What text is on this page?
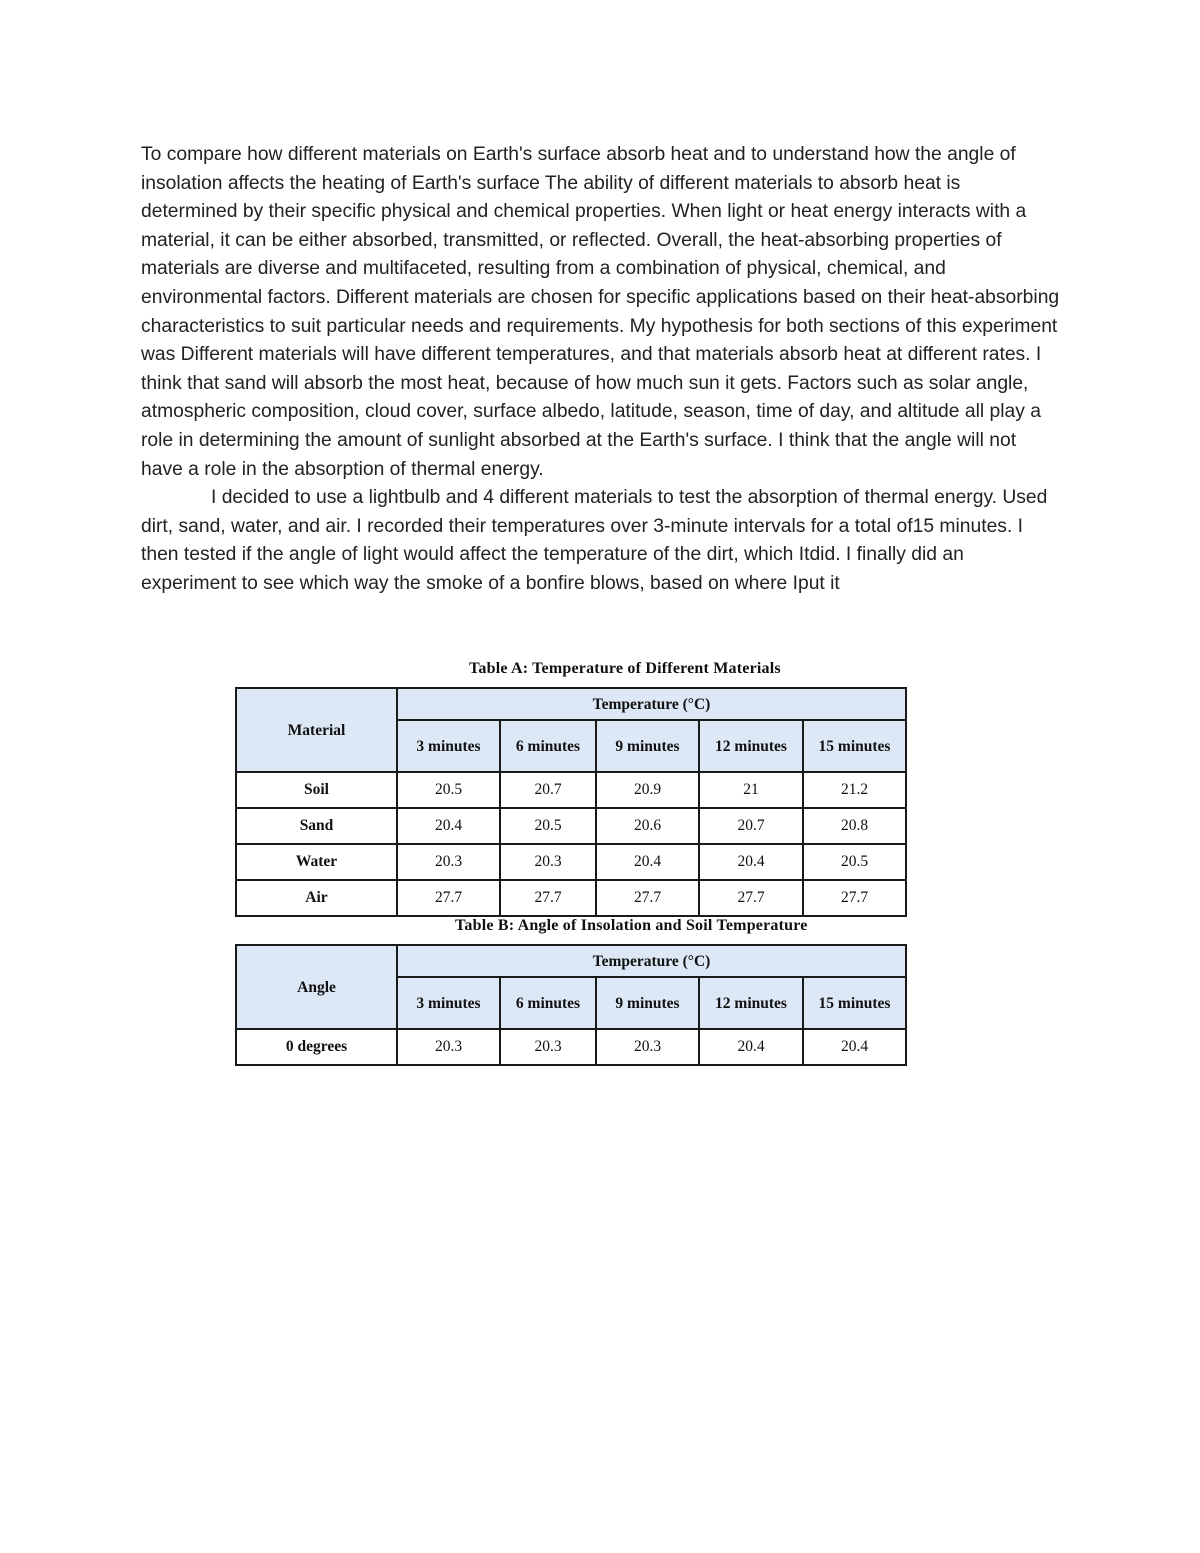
To compare how different materials on Earth's surface absorb heat and to understand how the angle of insolation affects the heating of Earth's surface The ability of different materials to absorb heat is determined by their specific physical and chemical properties. When light or heat energy interacts with a material, it can be either absorbed, transmitted, or reflected. Overall, the heat-absorbing properties of materials are diverse and multifaceted, resulting from a combination of physical, chemical, and environmental factors. Different materials are chosen for specific applications based on their heat-absorbing characteristics to suit particular needs and requirements. My hypothesis for both sections of this experiment was Different materials will have different temperatures, and that materials absorb heat at different rates. I think that sand will absorb the most heat, because of how much sun it gets. Factors such as solar angle, atmospheric composition, cloud cover, surface albedo, latitude, season, time of day, and altitude all play a role in determining the amount of sunlight absorbed at the Earth's surface. I think that the angle will not have a role in the absorption of thermal energy.

I decided to use a lightbulb and 4 different materials to test the absorption of thermal energy. Used dirt, sand, water, and air. I recorded their temperatures over 3-minute intervals for a total of15 minutes. I then tested if the angle of light would affect the temperature of the dirt, which Itdid. I finally did an experiment to see which way the smoke of a bonfire blows, based on where Iput it

Table A: Temperature of Different Materials
Material	Temperature (°C)				
	3 minutes	6 minutes	9 minutes	12 minutes	15 minutes
Soil	20.5	20.7	20.9	21	21.2
Sand	20.4	20.5	20.6	20.7	20.8
Water	20.3	20.3	20.4	20.4	20.5
Air	27.7	27.7	27.7	27.7	27.7
Table B: Angle of Insolation and Soil Temperature
Angle	Temperature (°C)				
	3 minutes	6 minutes	9 minutes	12 minutes	15 minutes
0 degrees	20.3	20.3	20.3	20.4	20.4
